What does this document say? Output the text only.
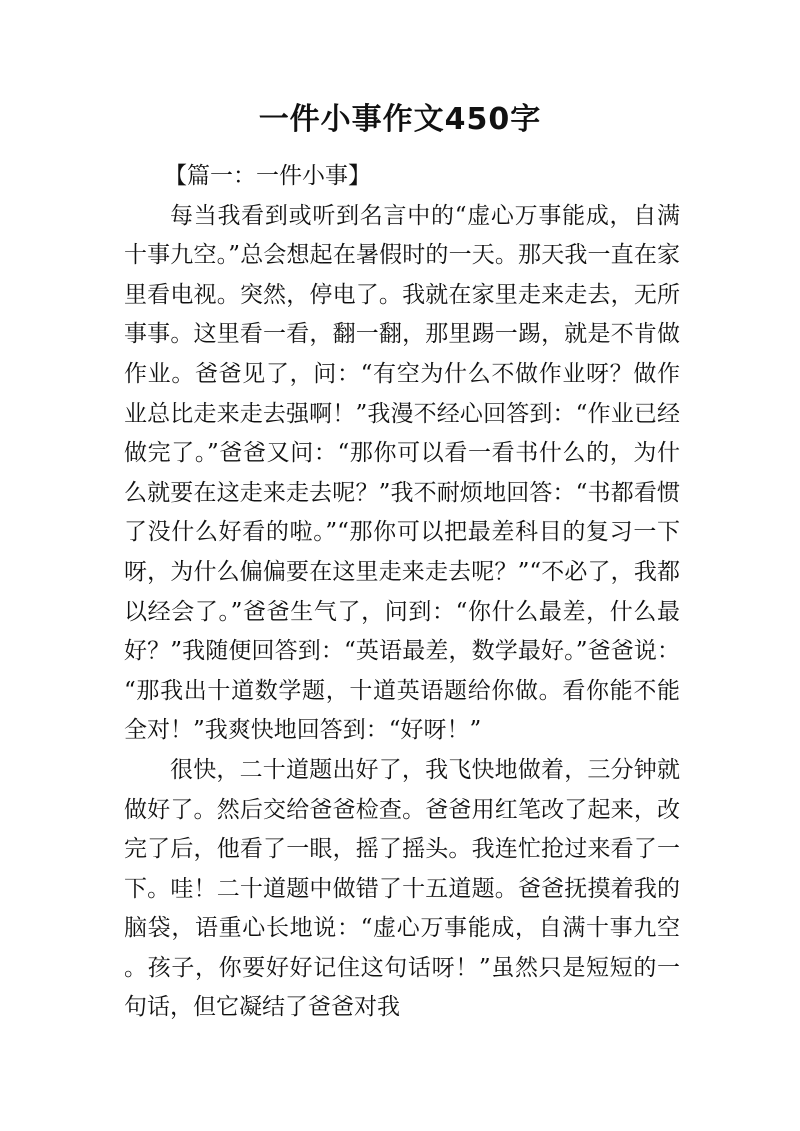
一件小事作文450字

【篇一：一件小事】

每当我看到或听到名言中的“虚心万事能成，自满十事九空。”总会想起在暑假时的一天。那天我一直在家里看电视。突然，停电了。我就在家里走来走去，无所事事。这里看一看，翻一翻，那里踢一踢，就是不肯做作业。爸爸见了，问：“有空为什么不做作业呀？做作业总比走来走去强啊！”我漫不经心回答到：“作业已经做完了。”爸爸又问：“那你可以看一看书什么的，为什么就要在这走来走去呢？”我不耐烦地回答：“书都看惯了没什么好看的啦。”“那你可以把最差科目的复习一下呀，为什么偏偏要在这里走来走去呢？”“不必了，我都以经会了。”爸爸生气了，问到：“你什么最差，什么最好？”我随便回答到：“英语最差，数学最好。”爸爸说：“那我出十道数学题，十道英语题给你做。看你能不能全对！”我爽快地回答到：“好呀！”

很快，二十道题出好了，我飞快地做着，三分钟就做好了。然后交给爸爸检查。爸爸用红笔改了起来，改完了后，他看了一眼，摇了摇头。我连忙抢过来看了一下。哇！二十道题中做错了十五道题。爸爸抚摸着我的脑袋，语重心长地说：“虚心万事能成，自满十事九空。孩子，你要好好记住这句话呀！”虽然只是短短的一句话，但它凝结了爸爸对我
